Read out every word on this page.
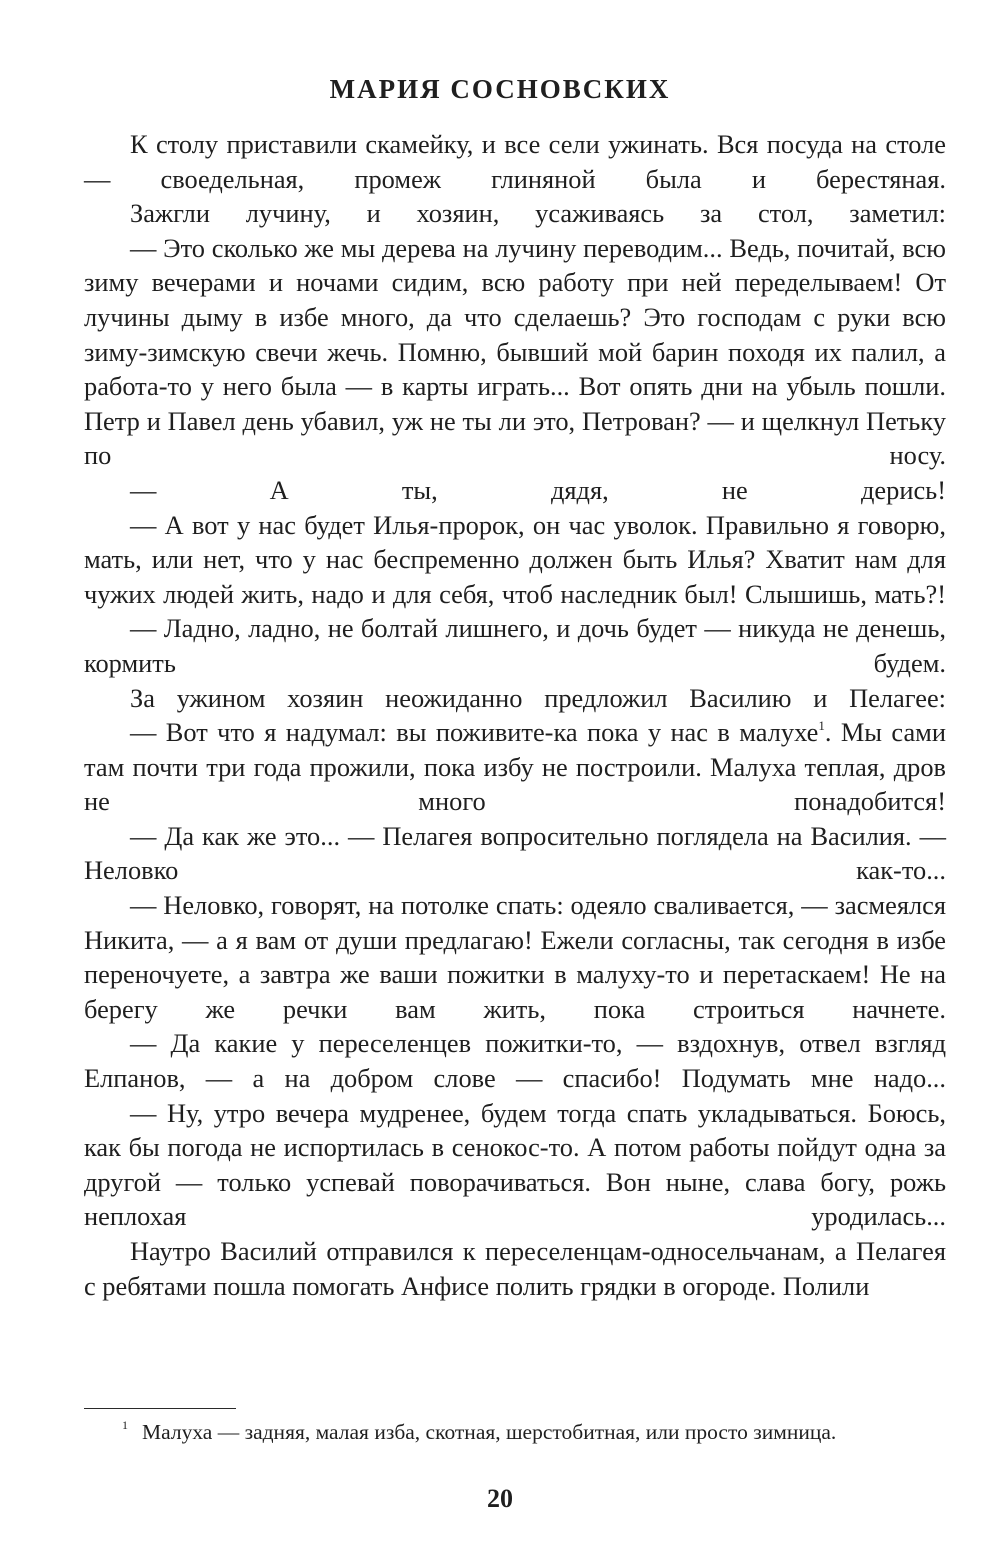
МАРИЯ СОСНОВСКИХ

К столу приставили скамейку, и все сели ужинать. Вся посуда на столе — своедельная, промеж глиняной была и берестяная.

Зажгли лучину, и хозяин, усаживаясь за стол, заметил:

— Это сколько же мы дерева на лучину переводим... Ведь, почитай, всю зиму вечерами и ночами сидим, всю работу при ней переделываем! От лучины дыму в избе много, да что сделаешь? Это господам с руки всю зиму-зимскую свечи жечь. Помню, бывший мой барин походя их палил, а работа-то у него была — в карты играть... Вот опять дни на убыль пошли. Петр и Павел день убавил, уж не ты ли это, Петрован? — и щелкнул Петьку по носу.

— А ты, дядя, не дерись!

— А вот у нас будет Илья-пророк, он час уволок. Правильно я говорю, мать, или нет, что у нас беспременно должен быть Илья? Хватит нам для чужих людей жить, надо и для себя, чтоб наследник был! Слышишь, мать?!

— Ладно, ладно, не болтай лишнего, и дочь будет — никуда не денешь, кормить будем.

За ужином хозяин неожиданно предложил Василию и Пелагее:

— Вот что я надумал: вы поживите-ка пока у нас в малухе$^1$. Мы сами там почти три года прожили, пока избу не построили. Малуха теплая, дров не много понадобится!

— Да как же это... — Пелагея вопросительно поглядела на Василия. — Неловко как-то...

— Неловко, говорят, на потолке спать: одеяло сваливается, — засмеялся Никита, — а я вам от души предлагаю! Ежели согласны, так сегодня в избе переночуете, а завтра же ваши пожитки в малуху-то и перетаскаем! Не на берегу же речки вам жить, пока строиться начнете.

— Да какие у переселенцев пожитки-то, — вздохнув, отвел взгляд Елпанов, — а на добром слове — спасибо! Подумать мне надо...

— Ну, утро вечера мудренее, будем тогда спать укладываться. Боюсь, как бы погода не испортилась в сенокос-то. А потом работы пойдут одна за другой — только успевай поворачиваться. Вон ныне, слава богу, рожь неплохая уродилась...

Наутро Василий отправился к переселенцам-односельчанам, а Пелагея с ребятами пошла помогать Анфисе полить грядки в огороде. Полили

$^1$ Малуха — задняя, малая изба, скотная, шерстобитная, или просто зимница.
20
